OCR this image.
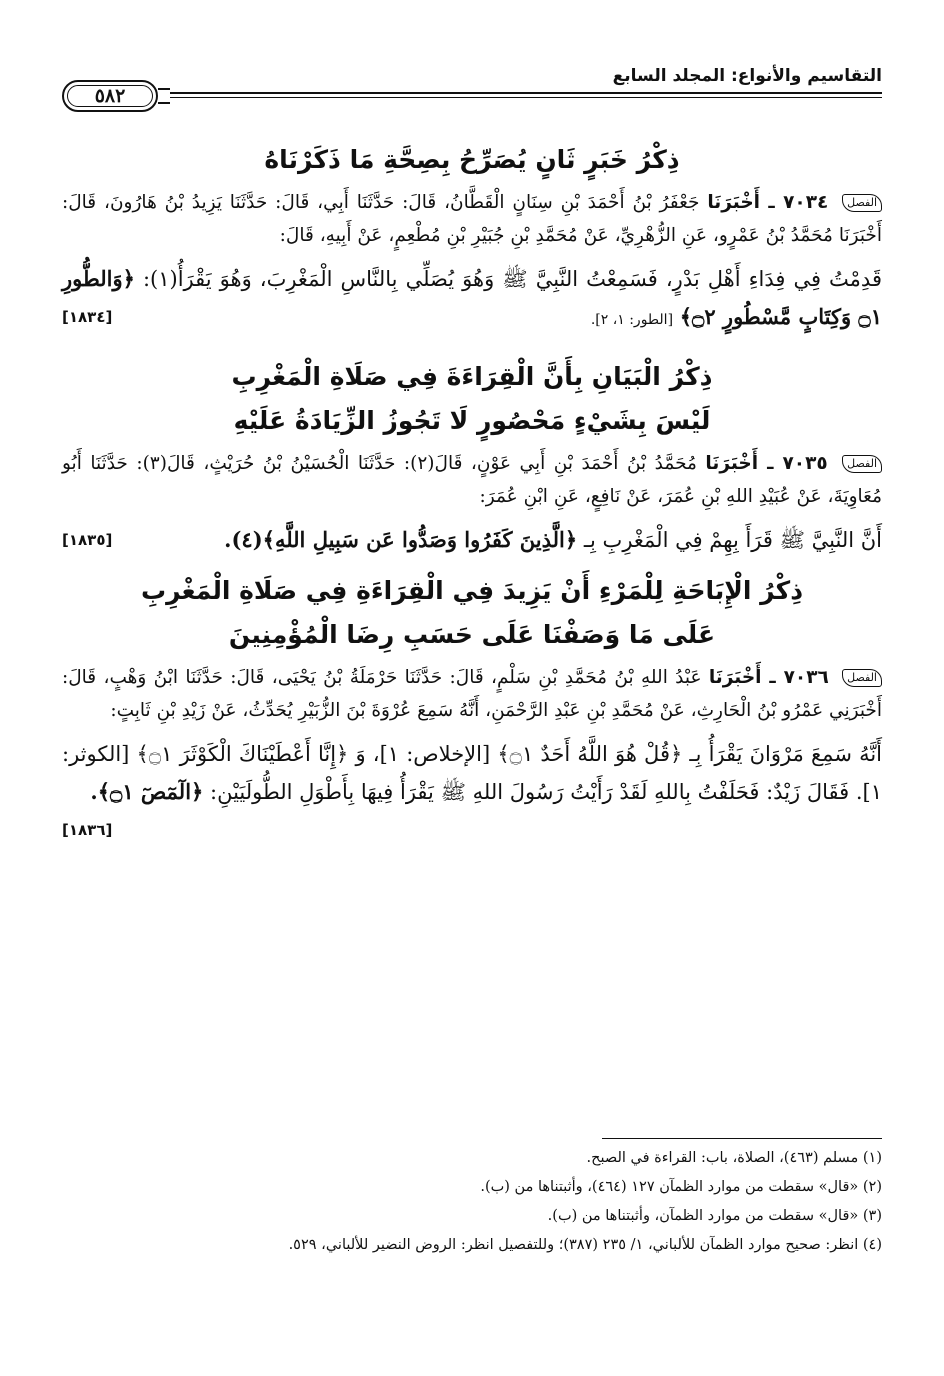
التقاسيم والأنواع: المجلد السابع
٥٨٢
ذِكْرُ خَبَرٍ ثَانٍ يُصَرِّحُ بِصِحَّةِ مَا ذَكَرْنَاهُ

الفصل ٧٠٣٤ ـ أَخْبَرَنَا جَعْفَرُ بْنُ أَحْمَدَ بْنِ سِنَانٍ الْقَطَّانُ، قَالَ: حَدَّثَنَا أَبِي، قَالَ: حَدَّثَنَا يَزِيدُ بْنُ هَارُونَ، قَالَ: أَخْبَرَنَا مُحَمَّدُ بْنُ عَمْرٍو، عَنِ الزُّهْرِيِّ، عَنْ مُحَمَّدِ بْنِ جُبَيْرِ بْنِ مُطْعِمٍ، عَنْ أَبِيهِ، قَالَ:

قَدِمْتُ فِي فِدَاءِ أَهْلِ بَدْرٍ، فَسَمِعْتُ النَّبِيَّ ﷺ وَهُوَ يُصَلِّي بِالنَّاسِ الْمَغْرِبَ، وَهُوَ يَقْرَأُ(١): ﴿وَالطُّورِ ۝١ وَكِتَابٍ مَّسْطُورٍ ۝٢﴾ [الطور: ١، ٢].
[١٨٣٤]

ذِكْرُ الْبَيَانِ بِأَنَّ الْقِرَاءَةَ فِي صَلَاةِ الْمَغْرِبِ
لَيْسَ بِشَيْءٍ مَحْصُورٍ لَا تَجُوزُ الزِّيَادَةُ عَلَيْهِ

الفصل ٧٠٣٥ ـ أَخْبَرَنَا مُحَمَّدُ بْنُ أَحْمَدَ بْنِ أَبِي عَوْنٍ، قَالَ(٢): حَدَّثَنَا الْحُسَيْنُ بْنُ حُرَيْثٍ، قَالَ(٣): حَدَّثَنَا أَبُو مُعَاوِيَةَ، عَنْ عُبَيْدِ اللهِ بْنِ عُمَرَ، عَنْ نَافِعٍ، عَنِ ابْنِ عُمَرَ:

أَنَّ النَّبِيَّ ﷺ قَرَأَ بِهِمْ فِي الْمَغْرِبِ بِـ ﴿الَّذِينَ كَفَرُوا وَصَدُّوا عَن سَبِيلِ اللَّهِ﴾(٤).
[١٨٣٥]

ذِكْرُ الْإِبَاحَةِ لِلْمَرْءِ أَنْ يَزِيدَ فِي الْقِرَاءَةِ فِي صَلَاةِ الْمَغْرِبِ
عَلَى مَا وَصَفْنَا عَلَى حَسَبِ رِضَا الْمُؤْمِنِينَ

الفصل ٧٠٣٦ ـ أَخْبَرَنَا عَبْدُ اللهِ بْنُ مُحَمَّدِ بْنِ سَلْمٍ، قَالَ: حَدَّثَنَا حَرْمَلَةُ بْنُ يَحْيَى، قَالَ: حَدَّثَنَا ابْنُ وَهْبٍ، قَالَ: أَخْبَرَنِي عَمْرُو بْنُ الْحَارِثِ، عَنْ مُحَمَّدِ بْنِ عَبْدِ الرَّحْمَنِ، أَنَّهُ سَمِعَ عُرْوَةَ بْنَ الزُّبَيْرِ يُحَدِّثُ، عَنْ زَيْدِ بْنِ ثَابِتٍ:

أَنَّهُ سَمِعَ مَرْوَانَ يَقْرَأُ بِـ ﴿قُلْ هُوَ اللَّهُ أَحَدٌ ۝١﴾ [الإخلاص: ١]، وَ ﴿إِنَّا أَعْطَيْنَاكَ الْكَوْثَرَ ۝١﴾ [الكوثر: ١]. فَقَالَ زَيْدٌ: فَحَلَفْتُ بِاللهِ لَقَدْ رَأَيْتُ رَسُولَ اللهِ ﷺ يَقْرَأُ فِيهَا بِأَطْوَلِ الطُّولَيَيْنِ: ﴿الٓمٓصٓ ۝١﴾.
[١٨٣٦]

(١) مسلم (٤٦٣)، الصلاة، باب: القراءة في الصبح.

(٢) «قال» سقطت من موارد الظمآن ١٢٧ (٤٦٤)، وأثبتناها من (ب).

(٣) «قال» سقطت من موارد الظمآن، وأثبتناها من (ب).

(٤) انظر: صحيح موارد الظمآن للألباني، ١/ ٢٣٥ (٣٨٧)؛ وللتفصيل انظر: الروض النضير للألباني، ٥٢٩.
